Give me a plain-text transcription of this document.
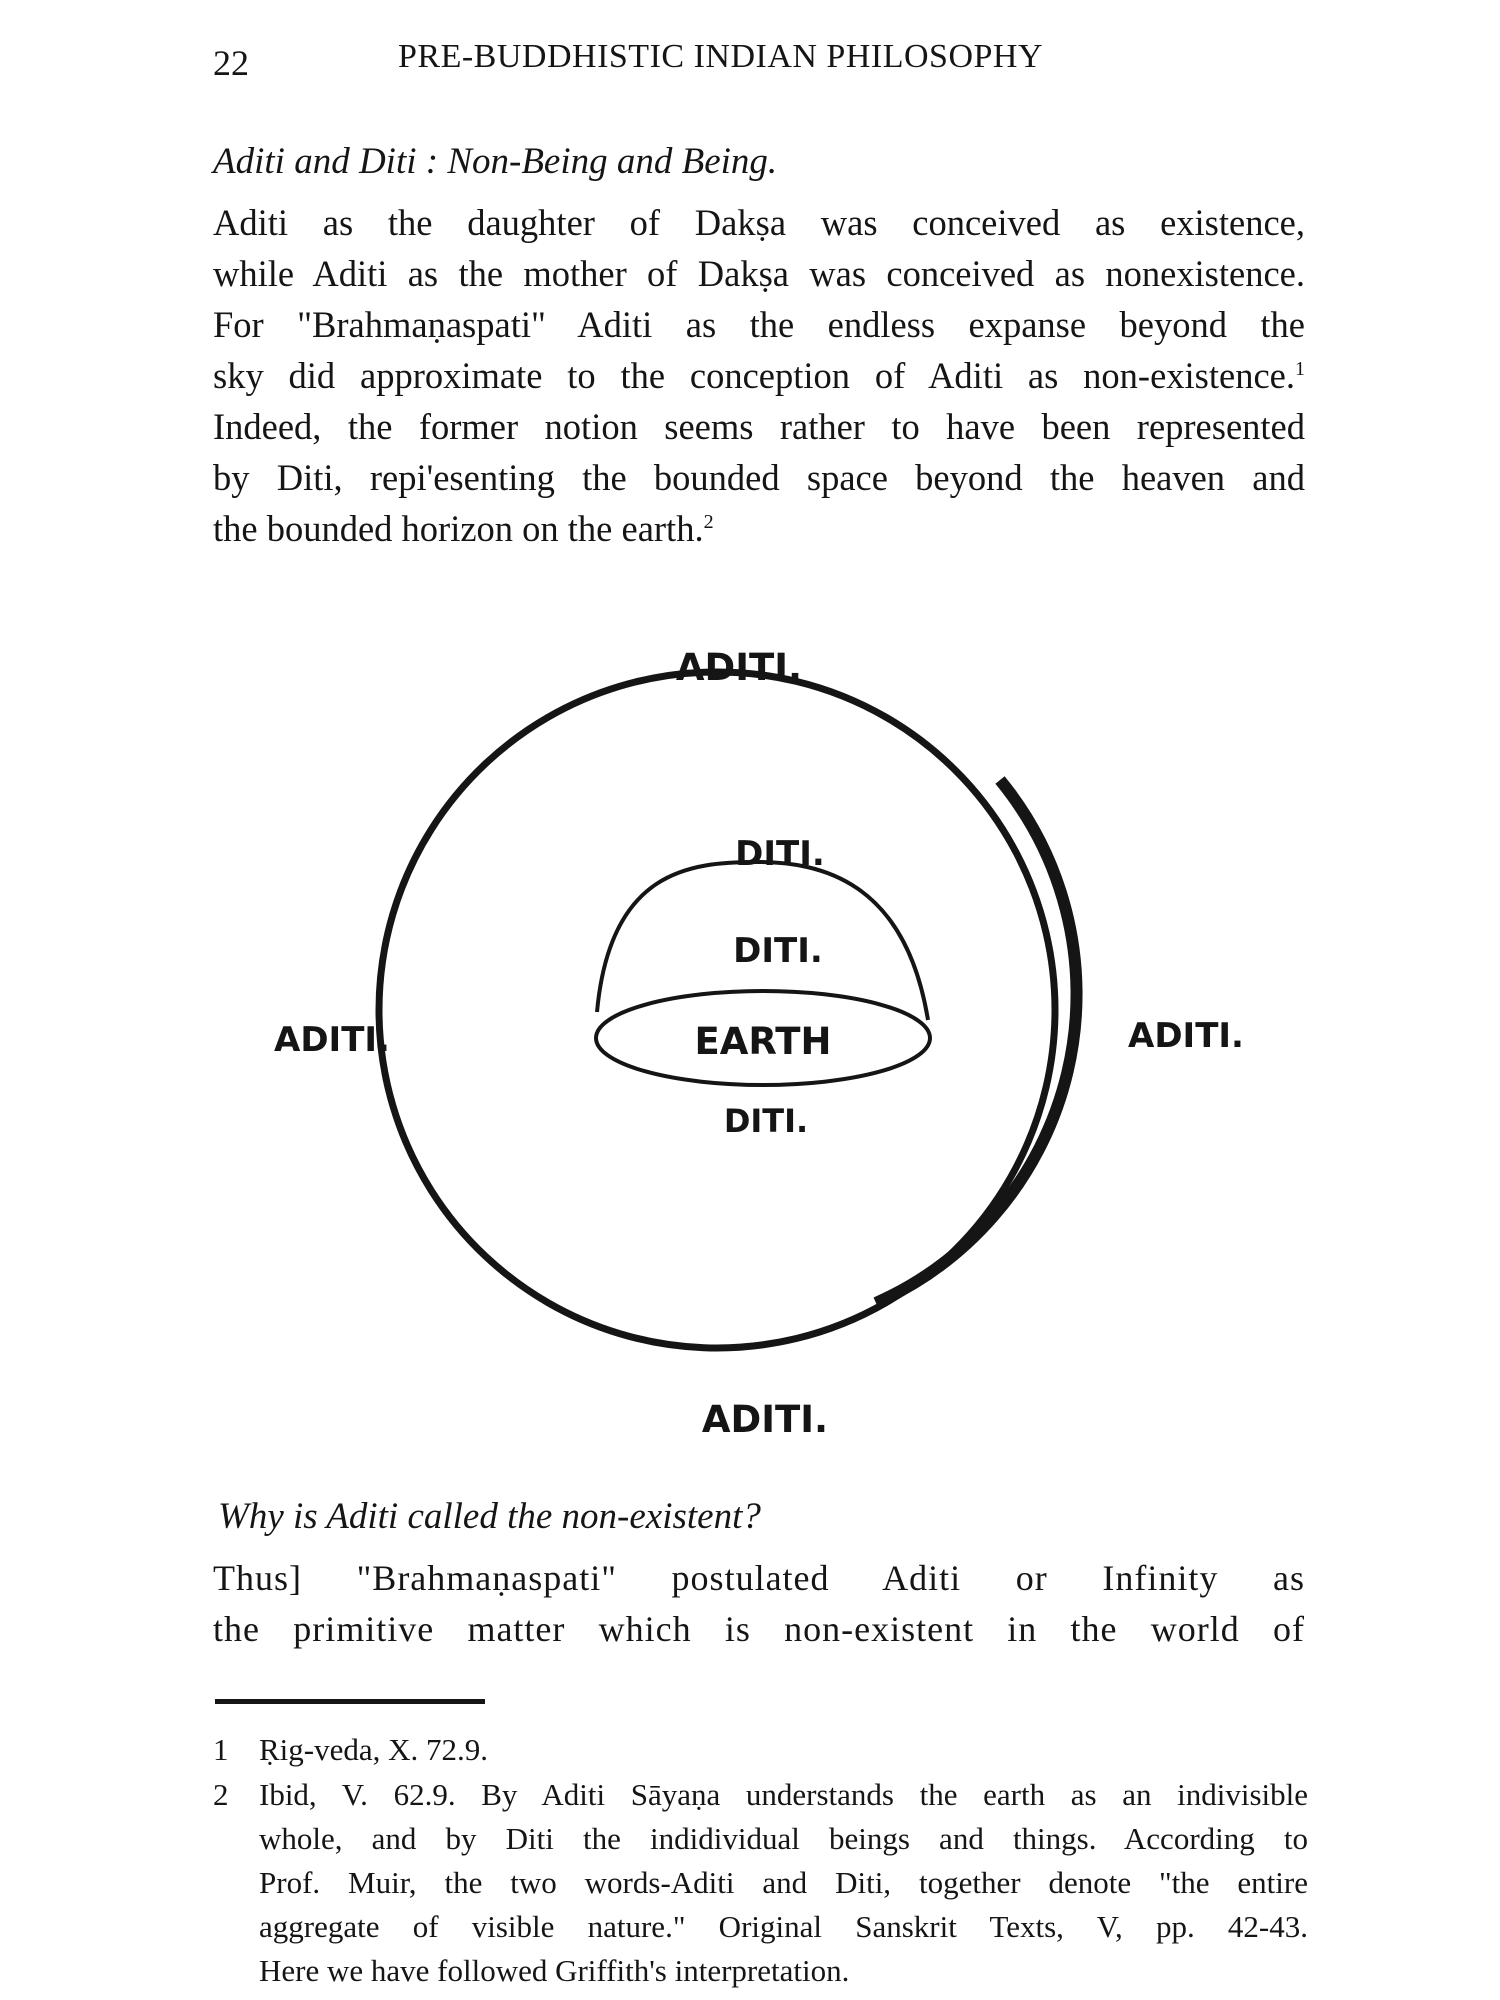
22	PRE-BUDDHISTIC INDIAN PHILOSOPHY
Aditi and Diti : Non-Being and Being.

Aditi as the daughter of Dakṣa was conceived as existence,
while Aditi as the mother of Dakṣa was conceived as nonexistence.
For "Brahmaṇaspati" Aditi as the endless expanse beyond the
sky did approximate to the conception of Aditi as non-existence.$^1$
Indeed, the former notion seems rather to have been represented
by Diti, repi'esenting the bounded space beyond the heaven and
the bounded horizon on the earth.$^2$

ADITI.
ADITI.	ADITI.
ADITI.
DITI.
DITI.
EARTH
DITI.
Why is Aditi called the non-existent?

Thus] "Brahmaṇaspati" postulated Aditi or Infinity as
the primitive matter which is non-existent in the world of

1 Ṛig-veda, X. 72.9.
2 Ibid, V. 62.9. By Aditi Sāyaṇa understands the earth as an indivisible
whole, and by Diti the indidividual beings and things. According to
Prof. Muir, the two words-Aditi and Diti, together denote "the entire
aggregate of visible nature." Original Sanskrit Texts, V, pp. 42-43.
Here we have followed Griffith's interpretation.
